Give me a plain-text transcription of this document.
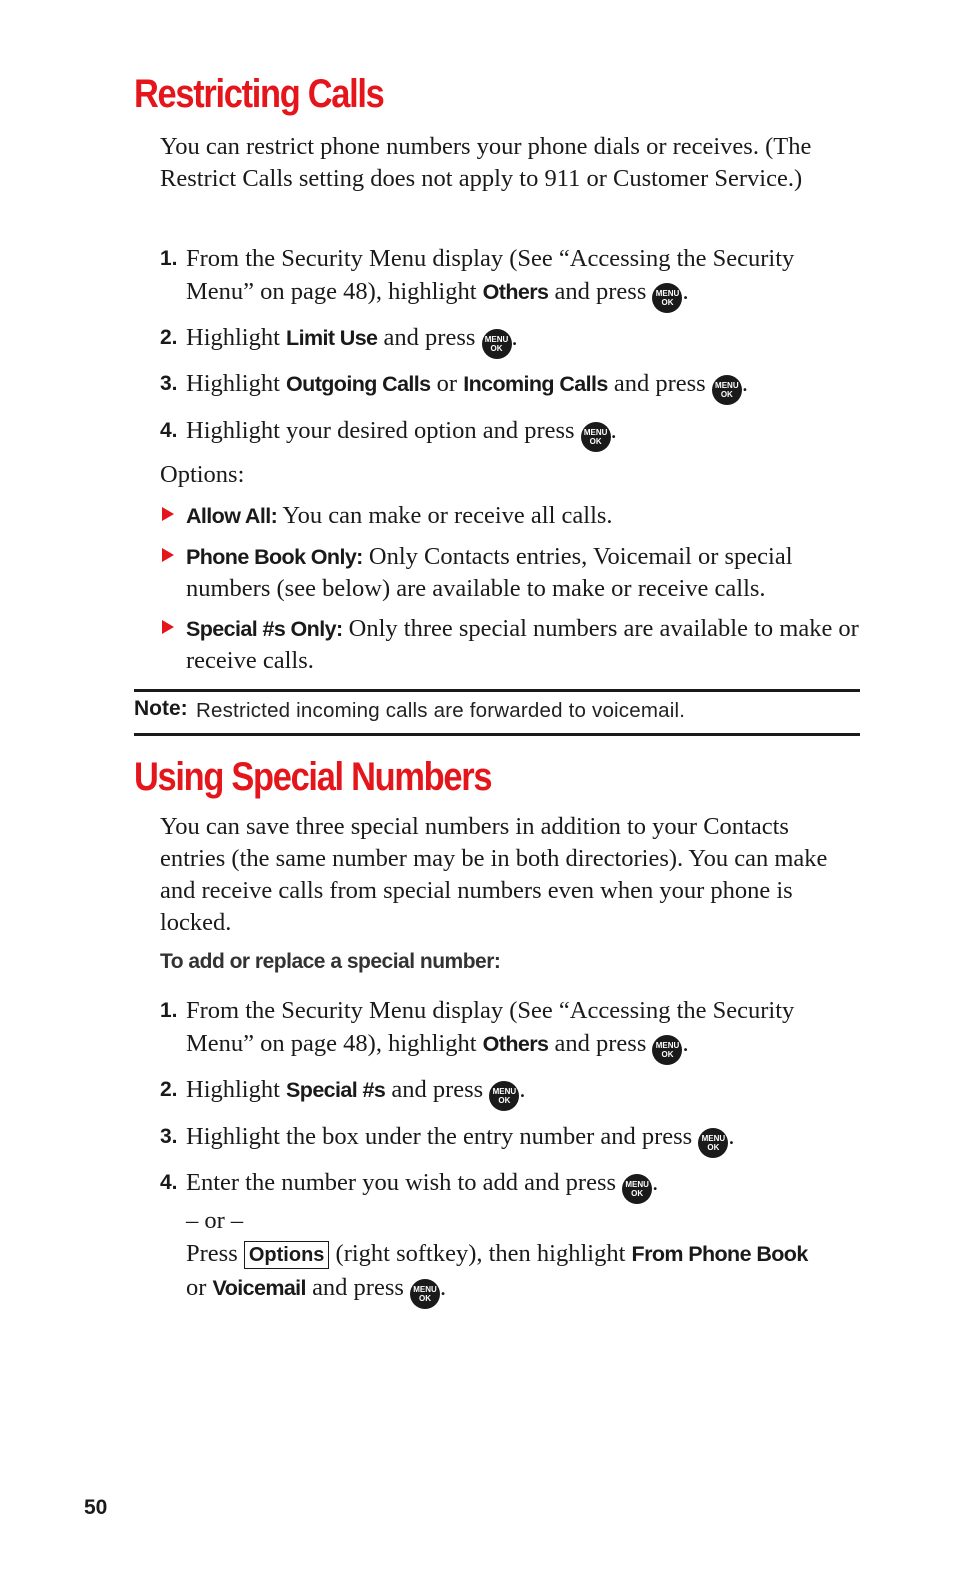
Restricting Calls

You can restrict phone numbers your phone dials or receives. (The Restrict Calls setting does not apply to 911 or Customer Service.)

1. From the Security Menu display (See “Accessing the Security Menu” on page 48), highlight Others and press MENU
OK .
2. Highlight Limit Use and press MENU
OK .
3. Highlight Outgoing Calls or Incoming Calls and press MENU
OK .
4. Highlight your desired option and press MENU
OK .

Options:

Allow All: You can make or receive all calls.
Phone Book Only: Only Contacts entries, Voicemail or special numbers (see below) are available to make or receive calls.
Special #s Only: Only three special numbers are available to make or receive calls.
Note: Restricted incoming calls are forwarded to voicemail.
Using Special Numbers

You can save three special numbers in addition to your Contacts entries (the same number may be in both directories). You can make and receive calls from special numbers even when your phone is locked.

To add or replace a special number:
1. From the Security Menu display (See “Accessing the Security Menu” on page 48), highlight Others and press MENU
OK .
2. Highlight Special #s and press MENU
OK .
3. Highlight the box under the entry number and press MENU
OK .
4. Enter the number you wish to add and press MENU
OK .
– or –
Press Options (right softkey), then highlight From Phone Book
or Voicemail and press MENU
OK .
50
